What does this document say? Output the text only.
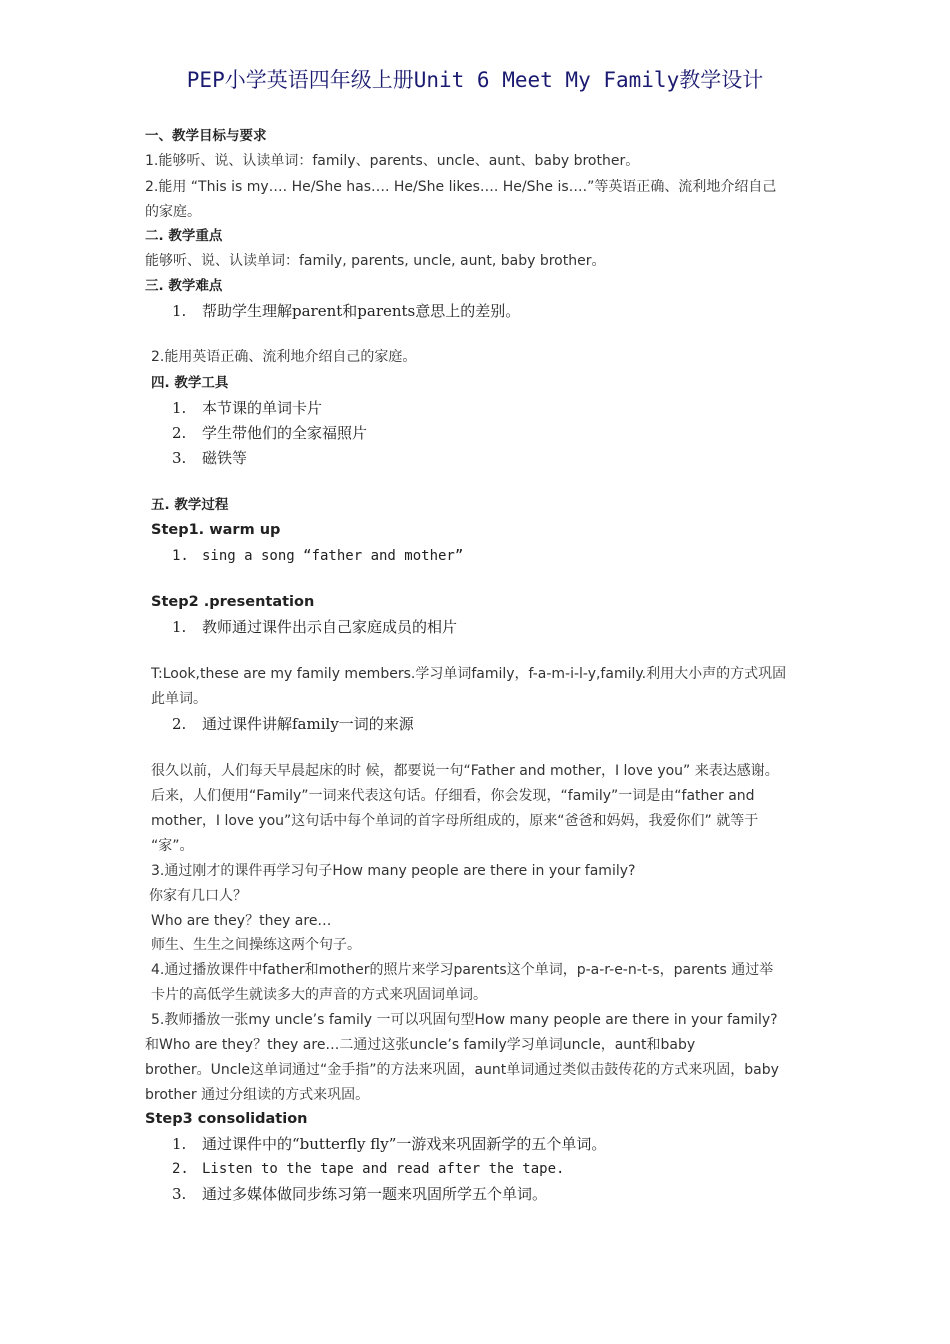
PEP小学英语四年级上册Unit 6 Meet My Family教学设计
一、教学目标与要求
1.能够听、说、认读单词：family、parents、uncle、aunt、baby brother。
2.能用 “This is my…. He/She has…. He/She likes…. He/She is….”等英语正确、流利地介绍自己
的家庭。
二. 教学重点
能够听、说、认读单词：family, parents, uncle, aunt, baby brother。
三. 教学难点
1. 帮助学生理解parent和parents意思上的差别。
2.能用英语正确、流利地介绍自己的家庭。
四. 教学工具
1. 本节课的单词卡片
2. 学生带他们的全家福照片
3. 磁铁等
五. 教学过程
Step1. warm up
1. sing a song “father and mother”
Step2 .presentation
1. 教师通过课件出示自己家庭成员的相片
T:Look,these are my family members.学习单词family，f-a-m-i-l-y,family.利用大小声的方式巩固
此单词。
2. 通过课件讲解family一词的来源
很久以前，人们每天早晨起床的时 候，都要说一句“Father and mother，I love you” 来表达感谢。
后来，人们便用“Family”一词来代表这句话。仔细看，你会发现，“family”一词是由“father and
mother，I love you”这句话中每个单词的首字母所组成的，原来“爸爸和妈妈，我爱你们” 就等于
“家”。
3.通过刚才的课件再学习句子How many people are there in your family?
你家有几口人？
Who are they？they are…
师生、生生之间操练这两个句子。
4.通过播放课件中father和mother的照片来学习parents这个单词，p-a-r-e-n-t-s，parents 通过举
卡片的高低学生就读多大的声音的方式来巩固词单词。
5.教师播放一张my uncle’s family 一可以巩固句型How many people are there in your family?
和Who are they？they are…二通过这张uncle’s family学习单词uncle，aunt和baby
brother。Uncle这单词通过“金手指”的方法来巩固，aunt单词通过类似击鼓传花的方式来巩固，baby
brother 通过分组读的方式来巩固。
Step3 consolidation
1. 通过课件中的“butterfly fly”一游戏来巩固新学的五个单词。
2. Listen to the tape and read after the tape.
3. 通过多媒体做同步练习第一题来巩固所学五个单词。
